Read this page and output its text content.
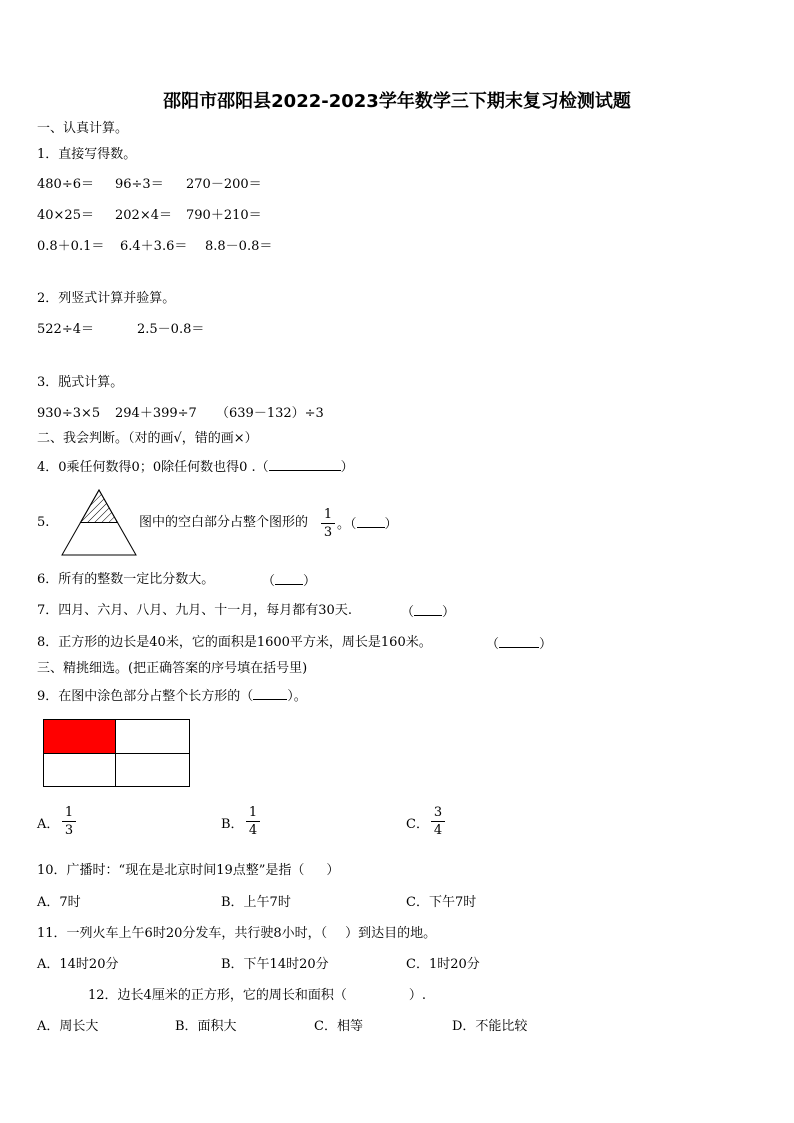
邵阳市邵阳县2022-2023学年数学三下期末复习检测试题
一、认真计算。
1．直接写得数。
480÷6＝ 96÷3＝ 270－200＝
40×25＝ 202×4＝ 790＋210＝
0.8＋0.1＝ 6.4＋3.6＝ 8.8－0.8＝
2．列竖式计算并验算。
522÷4＝	2.5－0.8＝
3．脱式计算。
930÷3×5 294＋399÷7 （639－132）÷3
二、我会判断。（对的画√，错的画×）
4．0乘任何数得0；0除任何数也得0 .（	）
5.	图中的空白部分占整个图形的
1
3
。（ ）
6．所有的整数一定比分数大。	（ ）
7．四月、六月、八月、九月、十一月，每月都有30天.	（ ）
8．正方形的边长是40米，它的面积是1600平方米，周长是160米。	（	）
三、精挑细选。(把正确答案的序号填在括号里)
9．在图中涂色部分占整个长方形的（	）。
A．
1
3	B．
1
4	C．
3
4
10．广播时：“现在是北京时间19点整”是指（ ）
A．7时	B．上午7时	C．下午7时
11．一列火车上午6时20分发车，共行驶8小时，（ ）到达目的地。
A．14时20分	B．下午14时20分	C．1时20分
12．边长4厘米的正方形，它的周长和面积（	）.
A．周长大	B．面积大	C．相等	D．不能比较
